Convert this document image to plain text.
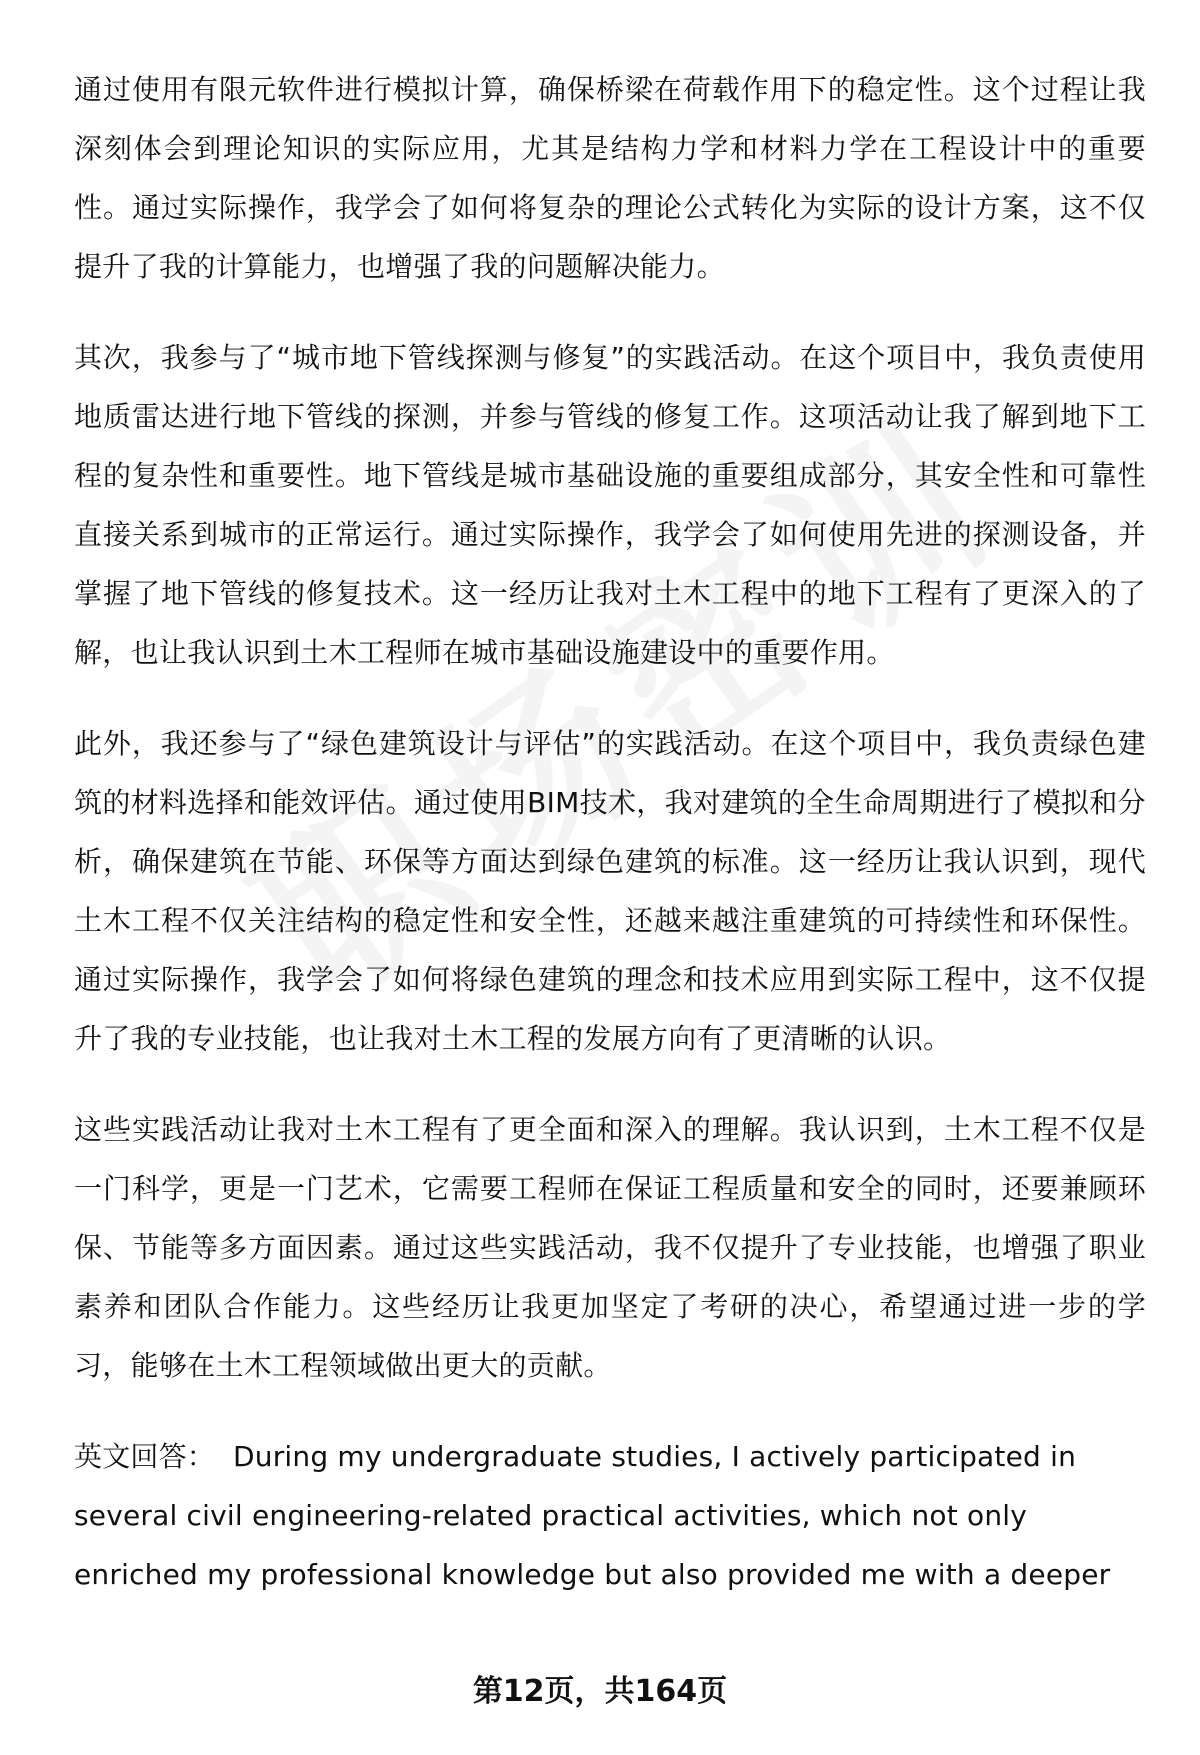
通过使用有限元软件进行模拟计算，确保桥梁在荷载作用下的稳定性。这个过程让我深刻体会到理论知识的实际应用，尤其是结构力学和材料力学在工程设计中的重要性。通过实际操作，我学会了如何将复杂的理论公式转化为实际的设计方案，这不仅提升了我的计算能力，也增强了我的问题解决能力。

其次，我参与了“城市地下管线探测与修复”的实践活动。在这个项目中，我负责使用地质雷达进行地下管线的探测，并参与管线的修复工作。这项活动让我了解到地下工程的复杂性和重要性。地下管线是城市基础设施的重要组成部分，其安全性和可靠性直接关系到城市的正常运行。通过实际操作，我学会了如何使用先进的探测设备，并掌握了地下管线的修复技术。这一经历让我对土木工程中的地下工程有了更深入的了解，也让我认识到土木工程师在城市基础设施建设中的重要作用。

此外，我还参与了“绿色建筑设计与评估”的实践活动。在这个项目中，我负责绿色建筑的材料选择和能效评估。通过使用BIM技术，我对建筑的全生命周期进行了模拟和分析，确保建筑在节能、环保等方面达到绿色建筑的标准。这一经历让我认识到，现代土木工程不仅关注结构的稳定性和安全性，还越来越注重建筑的可持续性和环保性。通过实际操作，我学会了如何将绿色建筑的理念和技术应用到实际工程中，这不仅提升了我的专业技能，也让我对土木工程的发展方向有了更清晰的认识。

这些实践活动让我对土木工程有了更全面和深入的理解。我认识到，土木工程不仅是一门科学，更是一门艺术，它需要工程师在保证工程质量和安全的同时，还要兼顾环保、节能等多方面因素。通过这些实践活动，我不仅提升了专业技能，也增强了职业素养和团队合作能力。这些经历让我更加坚定了考研的决心，希望通过进一步的学习，能够在土木工程领域做出更大的贡献。

英文回答： During my undergraduate studies, I actively participated in several civil engineering-related practical activities, which not only enriched my professional knowledge but also provided me with a deeper

第12页，共164页
